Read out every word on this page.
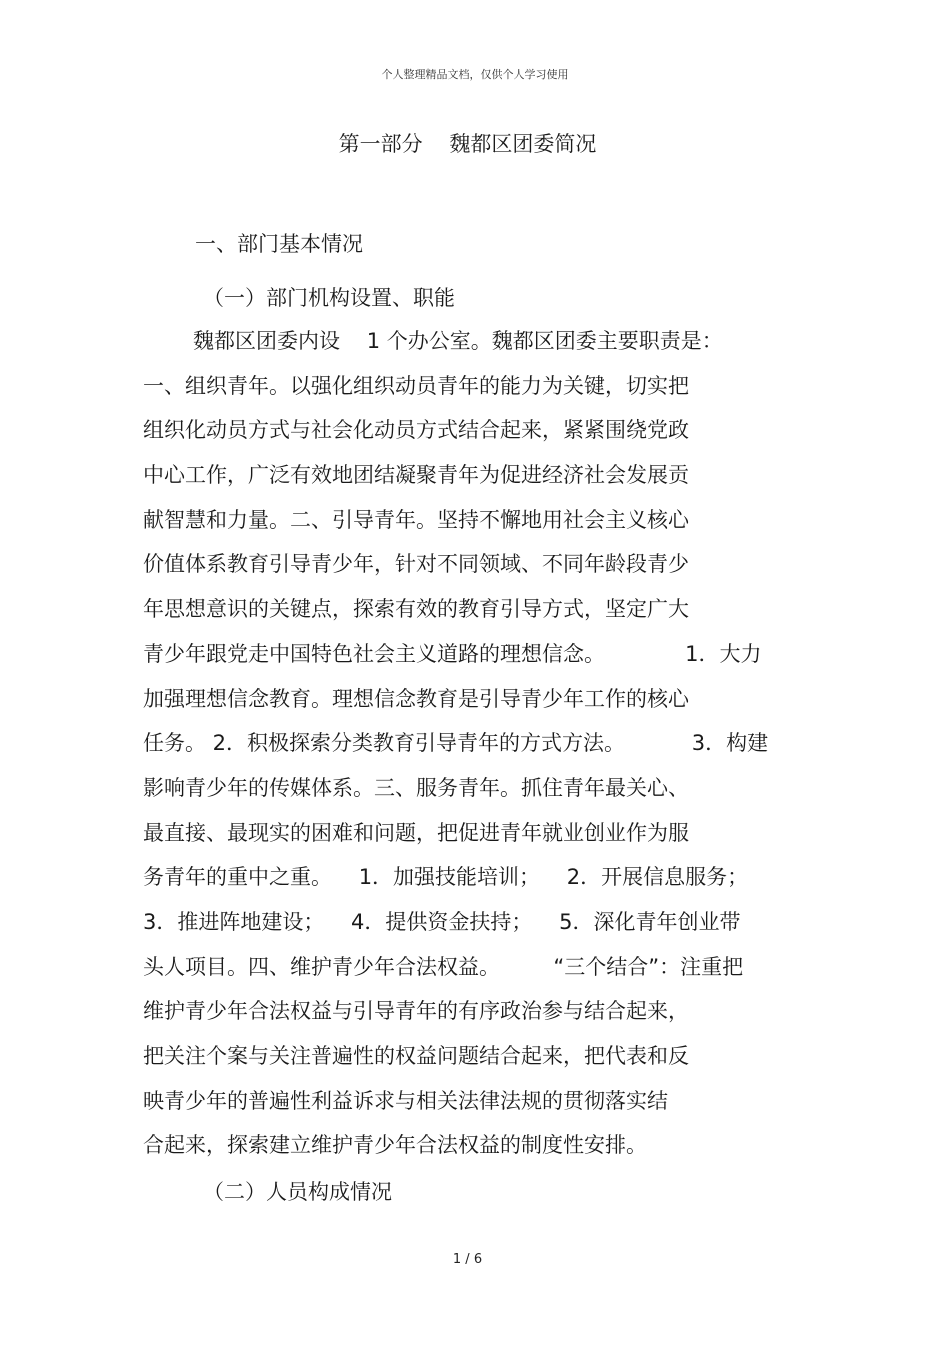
个人整理精品文档，仅供个人学习使用
第一部分    魏都区团委简况
一、部门基本情况
（一）部门机构设置、职能
魏都区团委内设    1 个办公室。魏都区团委主要职责是：
一、组织青年。以强化组织动员青年的能力为关键，切实把
组织化动员方式与社会化动员方式结合起来，紧紧围绕党政
中心工作，广泛有效地团结凝聚青年为促进经济社会发展贡
献智慧和力量。二、引导青年。坚持不懈地用社会主义核心
价值体系教育引导青少年，针对不同领域、不同年龄段青少
年思想意识的关键点，探索有效的教育引导方式，坚定广大
青少年跟党走中国特色社会主义道路的理想信念。            1．大力
加强理想信念教育。理想信念教育是引导青少年工作的核心
任务。 2．积极探索分类教育引导青年的方式方法。          3．构建
影响青少年的传媒体系。三、服务青年。抓住青年最关心、
最直接、最现实的困难和问题，把促进青年就业创业作为服
务青年的重中之重。    1．加强技能培训；    2．开展信息服务；
3．推进阵地建设；    4．提供资金扶持；    5．深化青年创业带
头人项目。四、维护青少年合法权益。        “三个结合”：注重把
维护青少年合法权益与引导青年的有序政治参与结合起来，
把关注个案与关注普遍性的权益问题结合起来，把代表和反
映青少年的普遍性利益诉求与相关法律法规的贯彻落实结
合起来，探索建立维护青少年合法权益的制度性安排。
（二）人员构成情况
1 / 6
